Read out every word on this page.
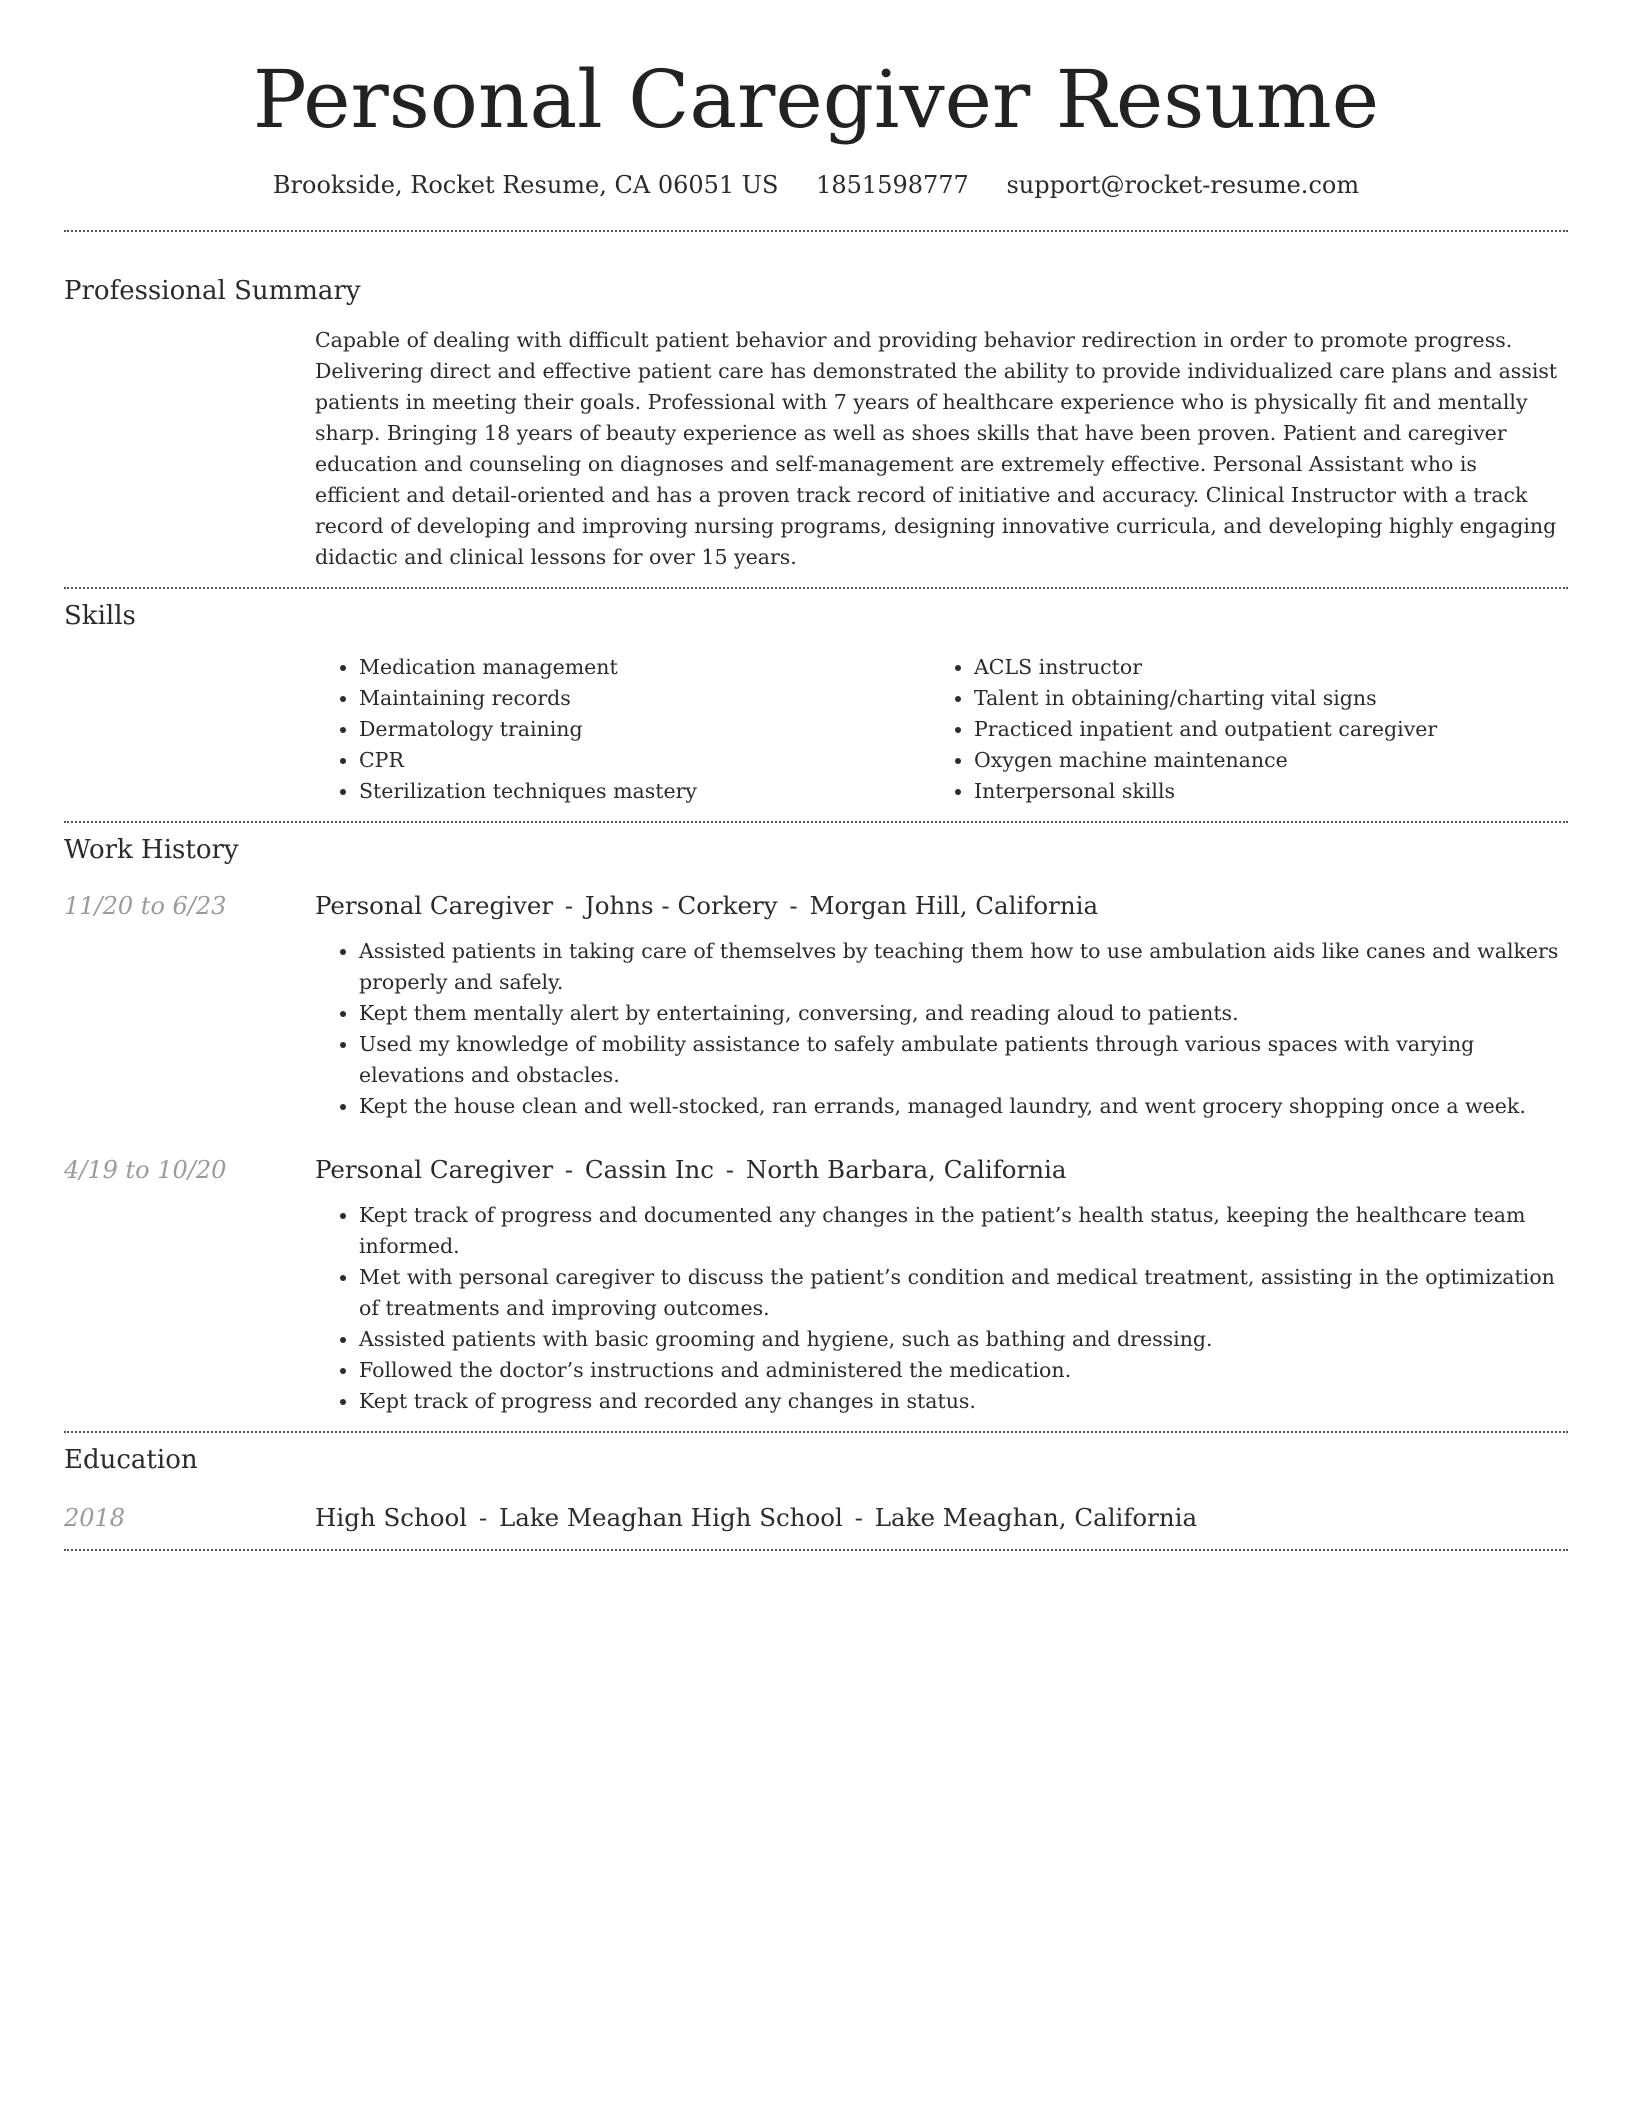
Personal Caregiver Resume
Brookside, Rocket Resume, CA 06051 US 1851598777 support@rocket-resume.com
Professional Summary

Capable of dealing with difficult patient behavior and providing behavior redirection in order to promote progress. Delivering direct and effective patient care has demonstrated the ability to provide individualized care plans and assist patients in meeting their goals. Professional with 7 years of healthcare experience who is physically fit and mentally sharp. Bringing 18 years of beauty experience as well as shoes skills that have been proven. Patient and caregiver education and counseling on diagnoses and self-management are extremely effective. Personal Assistant who is efficient and detail-oriented and has a proven track record of initiative and accuracy. Clinical Instructor with a track record of developing and improving nursing programs, designing innovative curricula, and developing highly engaging didactic and clinical lessons for over 15 years.

Skills
• Medication management
• Maintaining records
• Dermatology training
• CPR
• Sterilization techniques mastery
• ACLS instructor
• Talent in obtaining/charting vital signs
• Practiced inpatient and outpatient caregiver
• Oxygen machine maintenance
• Interpersonal skills
Work History
11/20 to 6/23	Personal Caregiver - Johns - Corkery - Morgan Hill, California
• Assisted patients in taking care of themselves by teaching them how to use ambulation aids like canes and walkers properly and safely.
• Kept them mentally alert by entertaining, conversing, and reading aloud to patients.
• Used my knowledge of mobility assistance to safely ambulate patients through various spaces with varying elevations and obstacles.
• Kept the house clean and well-stocked, ran errands, managed laundry, and went grocery shopping once a week.
4/19 to 10/20	Personal Caregiver - Cassin Inc - North Barbara, California
• Kept track of progress and documented any changes in the patient’s health status, keeping the healthcare team informed.
• Met with personal caregiver to discuss the patient’s condition and medical treatment, assisting in the optimization of treatments and improving outcomes.
• Assisted patients with basic grooming and hygiene, such as bathing and dressing.
• Followed the doctor’s instructions and administered the medication.
• Kept track of progress and recorded any changes in status.
Education
2018	High School - Lake Meaghan High School - Lake Meaghan, California
